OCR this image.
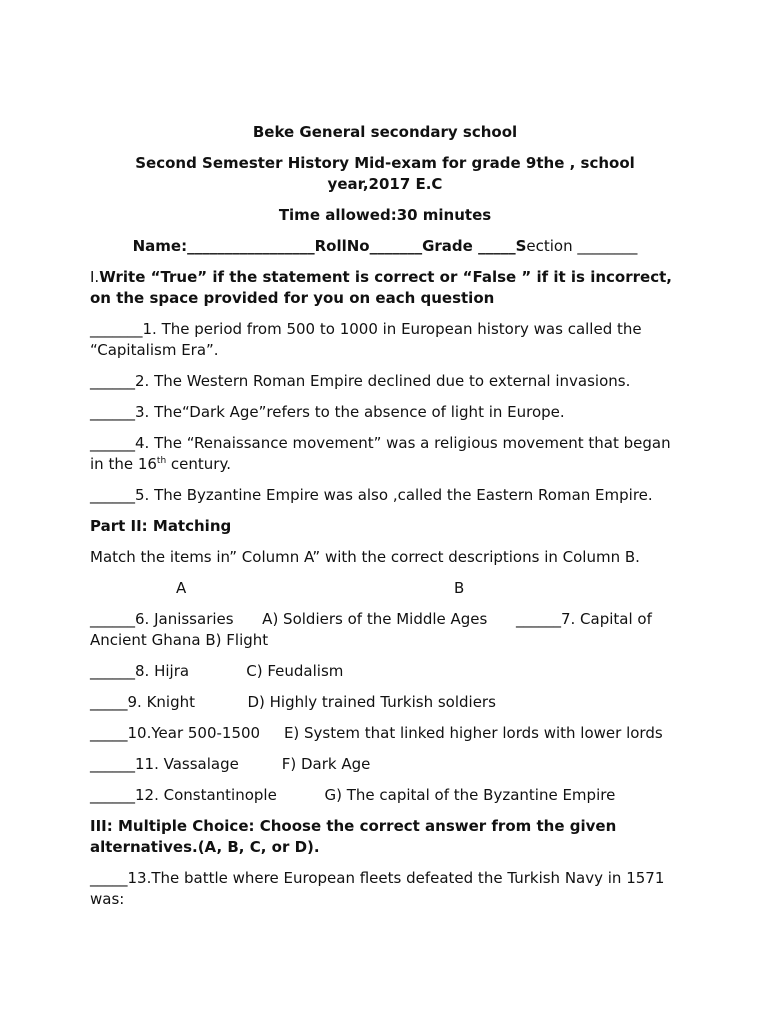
Beke General secondary school

Second Semester History Mid-exam for grade 9the , school year,2017 E.C

Time allowed:30 minutes

Name:_________________RollNo_______Grade _____Section ________

I.Write “True” if the statement is correct or “False ” if it is incorrect, on the space provided for you on each question

_______1. The period from 500 to 1000 in European history was called the “Capitalism Era”.

______2. The Western Roman Empire declined due to external invasions.

______3. The“Dark Age”refers to the absence of light in Europe.

______4. The “Renaissance movement” was a religious movement that began in the 16th century.

______5. The Byzantine Empire was also ,called the Eastern Roman Empire.

Part II: Matching

Match the items in” Column A” with the correct descriptions in Column B.

A	B

______6. Janissaries      A) Soldiers of the Middle Ages      ______7. Capital of Ancient Ghana B) Flight

______8. Hijra            C) Feudalism

_____9. Knight           D) Highly trained Turkish soldiers

_____10.Year 500-1500     E) System that linked higher lords with lower lords

______11. Vassalage         F) Dark Age

______12. Constantinople          G) The capital of the Byzantine Empire

III: Multiple Choice: Choose the correct answer from the given alternatives.(A, B, C, or D).

_____13.The battle where European fleets defeated the Turkish Navy in 1571 was:
